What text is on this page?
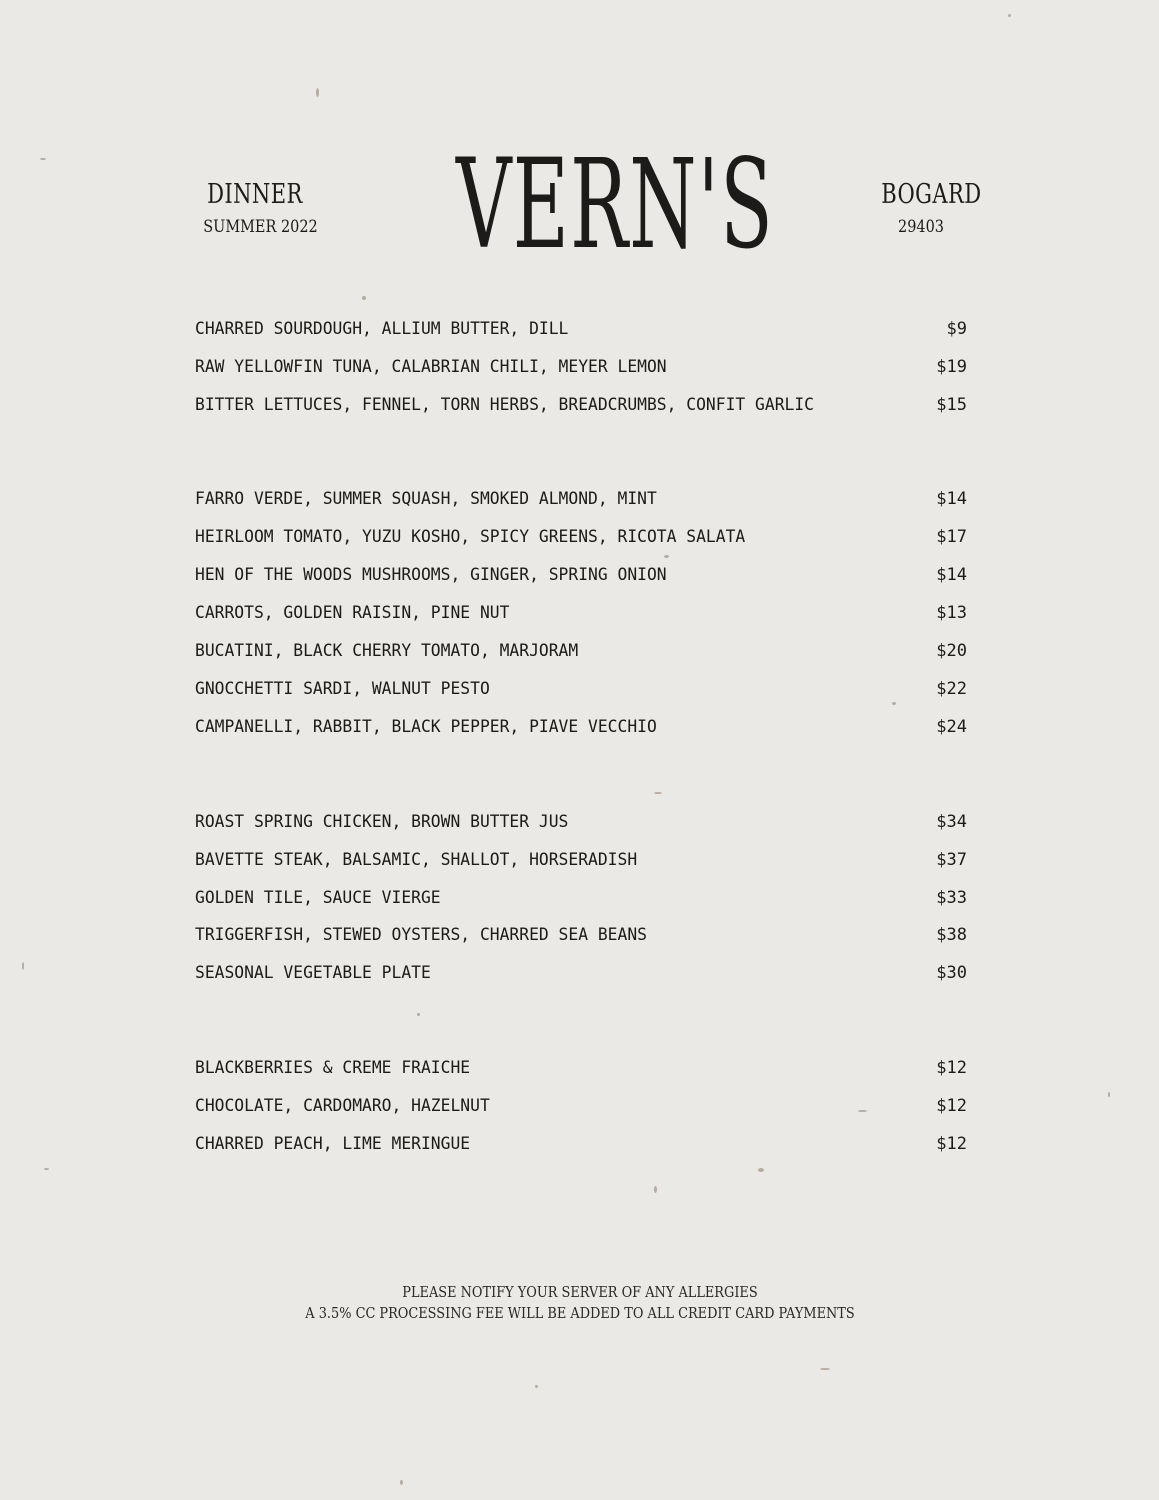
DINNER
SUMMER 2022 VERN'S	BOGARD
29403
CHARRED SOURDOUGH, ALLIUM BUTTER, DILL	$9
RAW YELLOWFIN TUNA, CALABRIAN CHILI, MEYER LEMON	$19
BITTER LETTUCES, FENNEL, TORN HERBS, BREADCRUMBS, CONFIT GARLIC	$15
FARRO VERDE, SUMMER SQUASH, SMOKED ALMOND, MINT	$14
HEIRLOOM TOMATO, YUZU KOSHO, SPICY GREENS, RICOTA SALATA	$17
HEN OF THE WOODS MUSHROOMS, GINGER, SPRING ONION	$14
CARROTS, GOLDEN RAISIN, PINE NUT	$13
BUCATINI, BLACK CHERRY TOMATO, MARJORAM	$20
GNOCCHETTI SARDI, WALNUT PESTO	$22
CAMPANELLI, RABBIT, BLACK PEPPER, PIAVE VECCHIO	$24
ROAST SPRING CHICKEN, BROWN BUTTER JUS	$34
BAVETTE STEAK, BALSAMIC, SHALLOT, HORSERADISH	$37
GOLDEN TILE, SAUCE VIERGE	$33
TRIGGERFISH, STEWED OYSTERS, CHARRED SEA BEANS	$38
SEASONAL VEGETABLE PLATE	$30
BLACKBERRIES & CREME FRAICHE	$12
CHOCOLATE, CARDOMARO, HAZELNUT	$12
CHARRED PEACH, LIME MERINGUE	$12
PLEASE NOTIFY YOUR SERVER OF ANY ALLERGIES
A 3.5% CC PROCESSING FEE WILL BE ADDED TO ALL CREDIT CARD PAYMENTS
